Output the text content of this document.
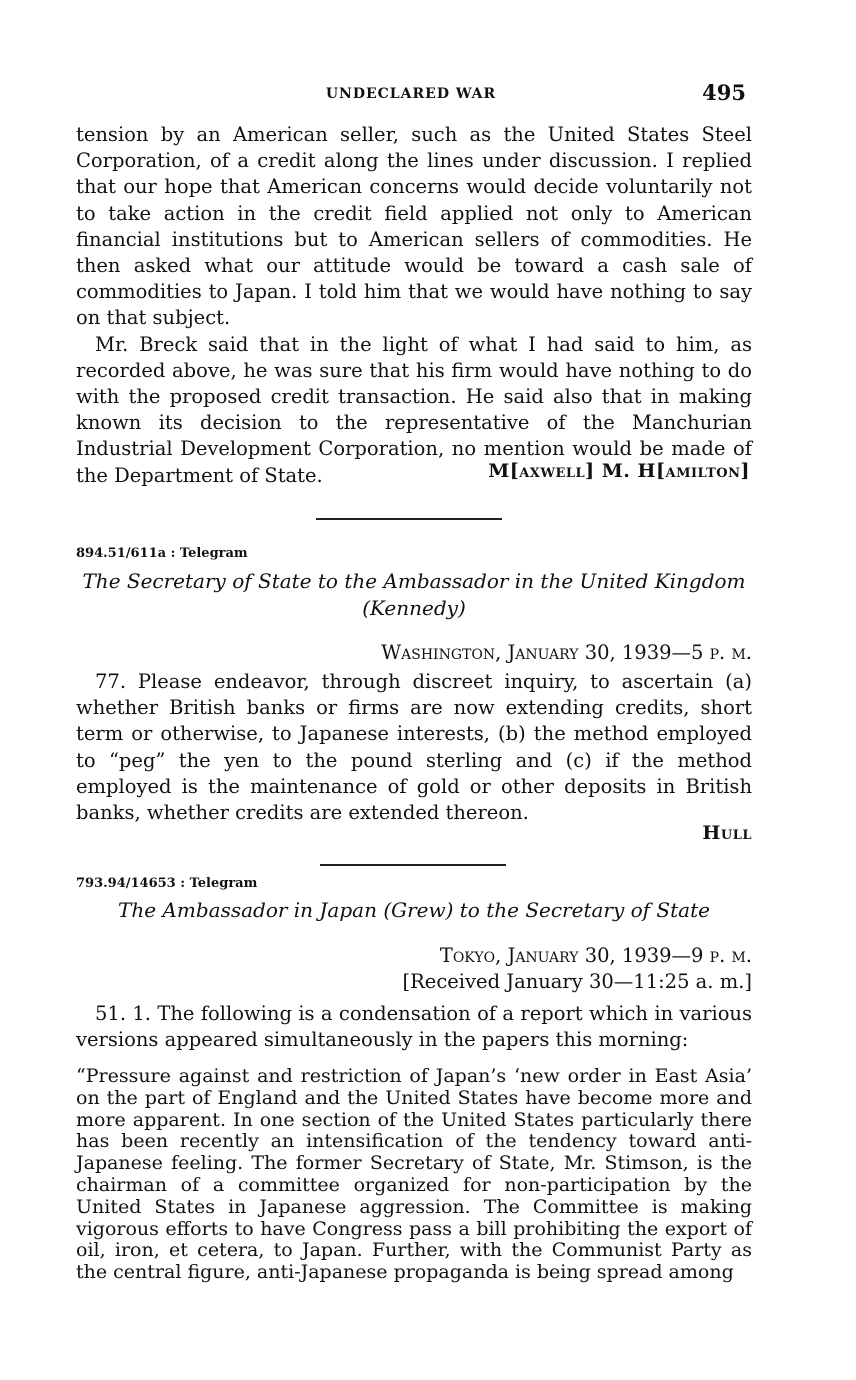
UNDECLARED WAR	495

tension by an American seller, such as the United States Steel Corporation, of a credit along the lines under discussion. I replied that our hope that American concerns would decide voluntarily not to take action in the credit field applied not only to American financial institutions but to American sellers of commodities. He then asked what our attitude would be toward a cash sale of commodities to Japan. I told him that we would have nothing to say on that subject.

Mr. Breck said that in the light of what I had said to him, as recorded above, he was sure that his firm would have nothing to do with the proposed credit transaction. He said also that in making known its decision to the representative of the Manchurian Industrial Development Corporation, no mention would be made of the Department of State.	M[axwell] M. H[amilton]
894.51/611a : Telegram
The Secretary of State to the Ambassador in the United Kingdom
(Kennedy)
Washington, January 30, 1939—5 p. m.

77. Please endeavor, through discreet inquiry, to ascertain (a) whether British banks or firms are now extending credits, short term or otherwise, to Japanese interests, (b) the method employed to “peg” the yen to the pound sterling and (c) if the method employed is the maintenance of gold or other deposits in British banks, whether credits are extended thereon.

Hull
793.94/14653 : Telegram
The Ambassador in Japan (Grew) to the Secretary of State
Tokyo, January 30, 1939—9 p. m.
[Received January 30—11:25 a. m.]

51. 1. The following is a condensation of a report which in various versions appeared simultaneously in the papers this morning:

“Pressure against and restriction of Japan’s ‘new order in East Asia’ on the part of England and the United States have become more and more apparent. In one section of the United States particularly there has been recently an intensification of the tendency toward anti-Japanese feeling. The former Secretary of State, Mr. Stimson, is the chairman of a committee organized for non-participation by the United States in Japanese aggression. The Committee is making vigorous efforts to have Congress pass a bill prohibiting the export of oil, iron, et cetera, to Japan. Further, with the Communist Party as the central figure, anti-Japanese propaganda is being spread among
